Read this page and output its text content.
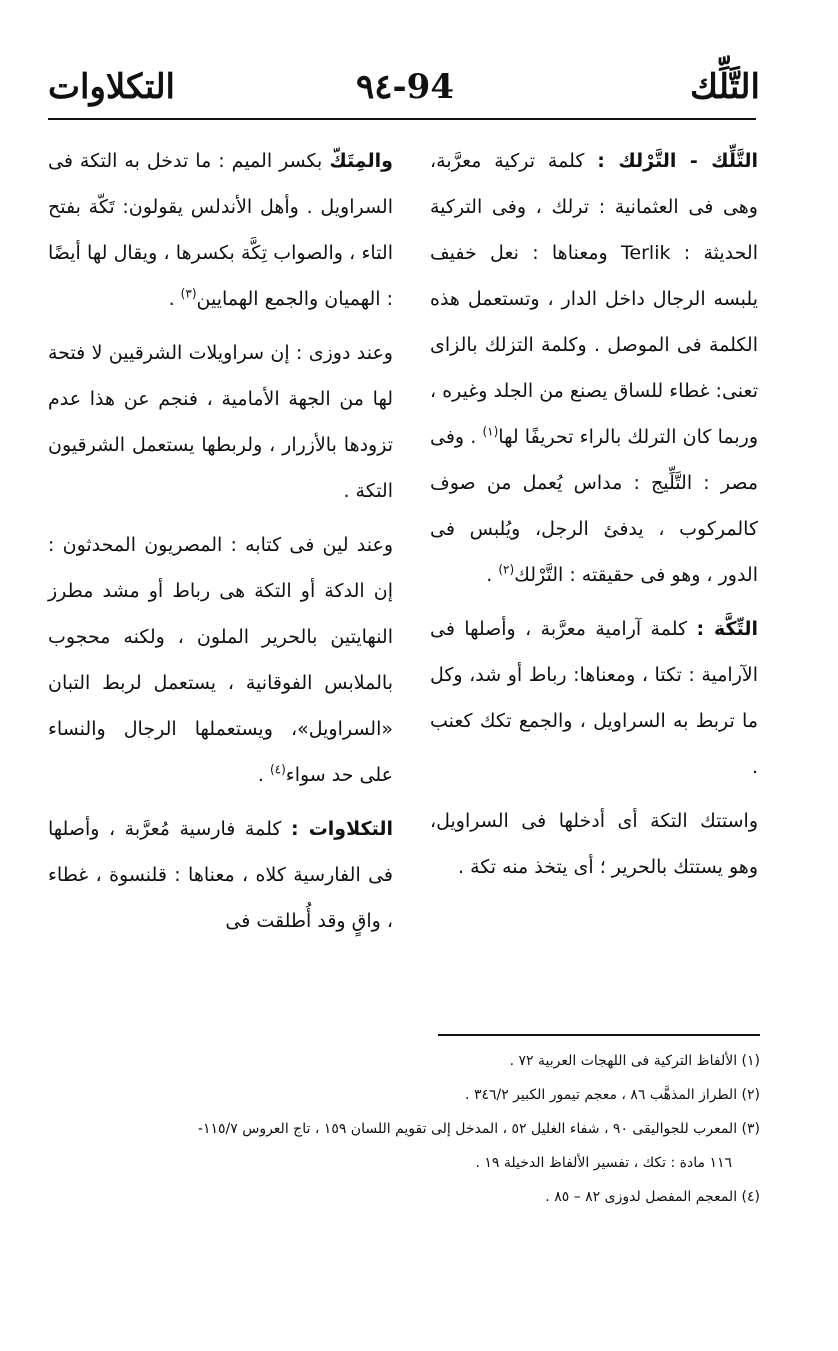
التكلاوات	٩٤-94	التَّلِّك

التَّلِّك - التَّرْلك : كلمة تركية معرَّبة، وهى فى العثمانية : ترلك ، وفى التركية الحديثة : Terlik ومعناها : نعل خفيف يلبسه الرجال داخل الدار ، وتستعمل هذه الكلمة فى الموصل . وكلمة التزلك بالزاى تعنى: غطاء للساق يصنع من الجلد وغيره ، وربما كان الترلك بالراء تحريفًا لها$^{(١)}$ . وفى مصر : التَّلِّيج : مداس يُعمل من صوف كالمركوب ، يدفئ الرجل، ويُلبس فى الدور ، وهو فى حقيقته : التَّرْلك$^{(٢)}$ .

التِّكَّة : كلمة آرامية معرَّبة ، وأصلها فى الآرامية : تكتا ، ومعناها: رباط أو شد، وكل ما تربط به السراويل ، والجمع تكك كعنب .

واستتك التكة أى أدخلها فى السراويل، وهو يستتك بالحرير ؛ أى يتخذ منه تكة .

والمِتَكّ بكسر الميم : ما تدخل به التكة فى السراويل . وأهل الأندلس يقولون: تَكّة بفتح التاء ، والصواب تِكَّة بكسرها ، ويقال لها أيضًا : الهميان والجمع الهمايين$^{(٣)}$ .

وعند دوزى : إن سراويلات الشرقيين لا فتحة لها من الجهة الأمامية ، فنجم عن هذا عدم تزودها بالأزرار ، ولربطها يستعمل الشرقيون التكة .

وعند لين فى كتابه : المصريون المحدثون : إن الدكة أو التكة هى رباط أو مشد مطرز النهايتين بالحرير الملون ، ولكنه محجوب بالملابس الفوقانية ، يستعمل لربط التبان «السراويل»، ويستعملها الرجال والنساء على حد سواء$^{(٤)}$ .

التكلاوات : كلمة فارسية مُعرَّبة ، وأصلها فى الفارسية كلاه ، معناها : قلنسوة ، غطاء ، واقٍ وقد أُطلقت فى

(١) الألفاظ التركية فى اللهجات العربية ٧٢ .

(٢) الطراز المذهَّب ٨٦ ، معجم تيمور الكبير ٣٤٦/٢ .

(٣) المعرب للجواليقى ٩٠ ، شفاء الغليل ٥٢ ، المدخل إلى تقويم اللسان ١٥٩ ، تاج العروس ١١٥/٧-

١١٦ مادة : تكك ، تفسير الألفاظ الدخيلة ١٩ .

(٤) المعجم المفصل لدوزى ٨٢ – ٨٥ .
